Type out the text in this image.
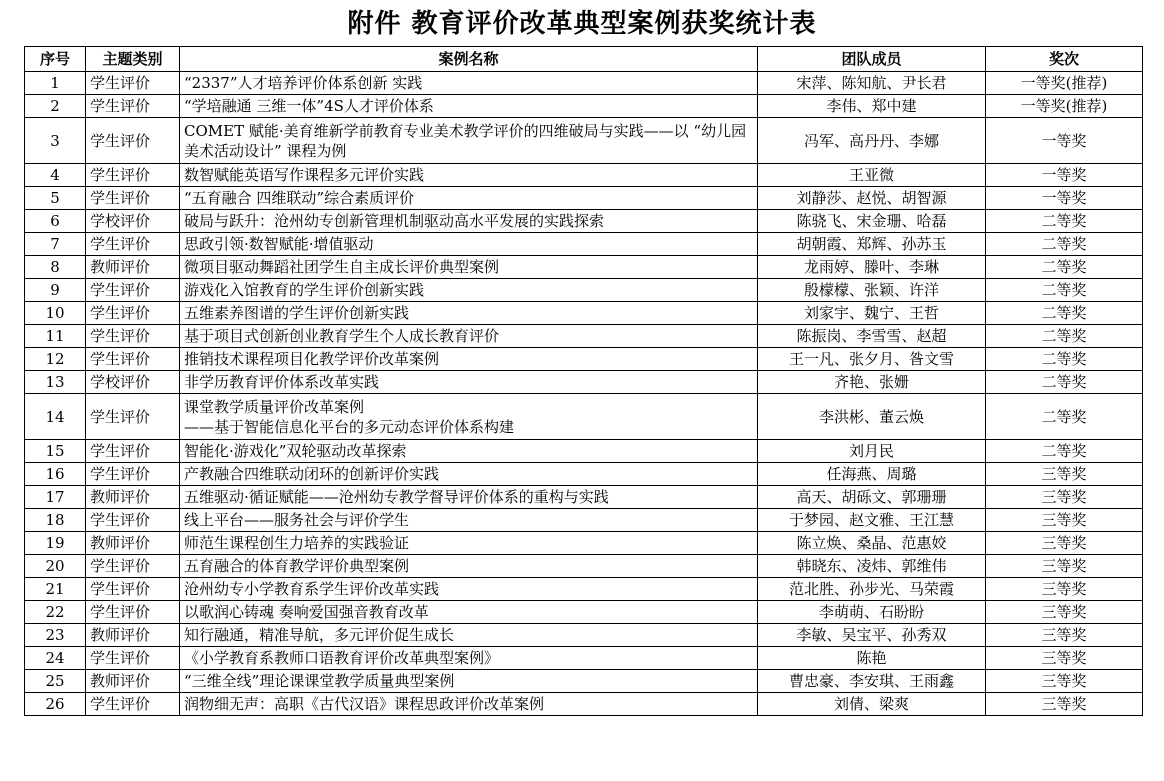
附件 教育评价改革典型案例获奖统计表
序号	主题类别	案例名称	团队成员	奖次
1	学生评价	“2337”人才培养评价体系创新 实践	宋萍、陈知航、尹长君	一等奖(推荐)
2	学生评价	“学培融通 三维一体”4S人才评价体系	李伟、郑中建	一等奖(推荐)
3	学生评价	COMET 赋能·美育维新学前教育专业美术教学评价的四维破局与实践——以 “幼儿园美术活动设计” 课程为例	冯军、高丹丹、李娜	一等奖
4	学生评价	数智赋能英语写作课程多元评价实践	王亚微	一等奖
5	学生评价	“五育融合 四维联动”综合素质评价	刘静莎、赵悦、胡智源	一等奖
6	学校评价	破局与跃升：沧州幼专创新管理机制驱动高水平发展的实践探索	陈骁飞、宋金珊、哈磊	二等奖
7	学生评价	思政引领·数智赋能·增值驱动	胡朝霞、郑辉、孙苏玉	二等奖
8	教师评价	微项目驱动舞蹈社团学生自主成长评价典型案例	龙雨婷、滕叶、李琳	二等奖
9	学生评价	游戏化入馆教育的学生评价创新实践	殷檬檬、张颖、许洋	二等奖
10	学生评价	五维素养图谱的学生评价创新实践	刘家宇、魏宁、王哲	二等奖
11	学生评价	基于项目式创新创业教育学生个人成长教育评价	陈振岗、李雪雪、赵超	二等奖
12	学生评价	推销技术课程项目化教学评价改革案例	王一凡、张夕月、昝文雪	二等奖
13	学校评价	非学历教育评价体系改革实践	齐艳、张姗	二等奖
14	学生评价	课堂教学质量评价改革案例
——基于智能信息化平台的多元动态评价体系构建	李洪彬、董云焕	二等奖
15	学生评价	智能化·游戏化”双轮驱动改革探索	刘月民	二等奖
16	学生评价	产教融合四维联动闭环的创新评价实践	任海燕、周璐	三等奖
17	教师评价	五维驱动·循证赋能——沧州幼专教学督导评价体系的重构与实践	高天、胡砾文、郭珊珊	三等奖
18	学生评价	线上平台——服务社会与评价学生	于梦园、赵文雅、王江慧	三等奖
19	教师评价	师范生课程创生力培养的实践验证	陈立焕、桑晶、范惠姣	三等奖
20	学生评价	五育融合的体育教学评价典型案例	韩晓东、凌炜、郭维伟	三等奖
21	学生评价	沧州幼专小学教育系学生评价改革实践	范北胜、孙步光、马荣霞	三等奖
22	学生评价	以歌润心铸魂 奏响爱国强音教育改革	李萌萌、石盼盼	三等奖
23	教师评价	知行融通，精准导航，多元评价促生成长	李敏、吴宝平、孙秀双	三等奖
24	学生评价	《小学教育系教师口语教育评价改革典型案例》	陈艳	三等奖
25	教师评价	“三维全线”理论课课堂教学质量典型案例	曹忠豪、李安琪、王雨鑫	三等奖
26	学生评价	润物细无声：高职《古代汉语》课程思政评价改革案例	刘倩、梁爽	三等奖
